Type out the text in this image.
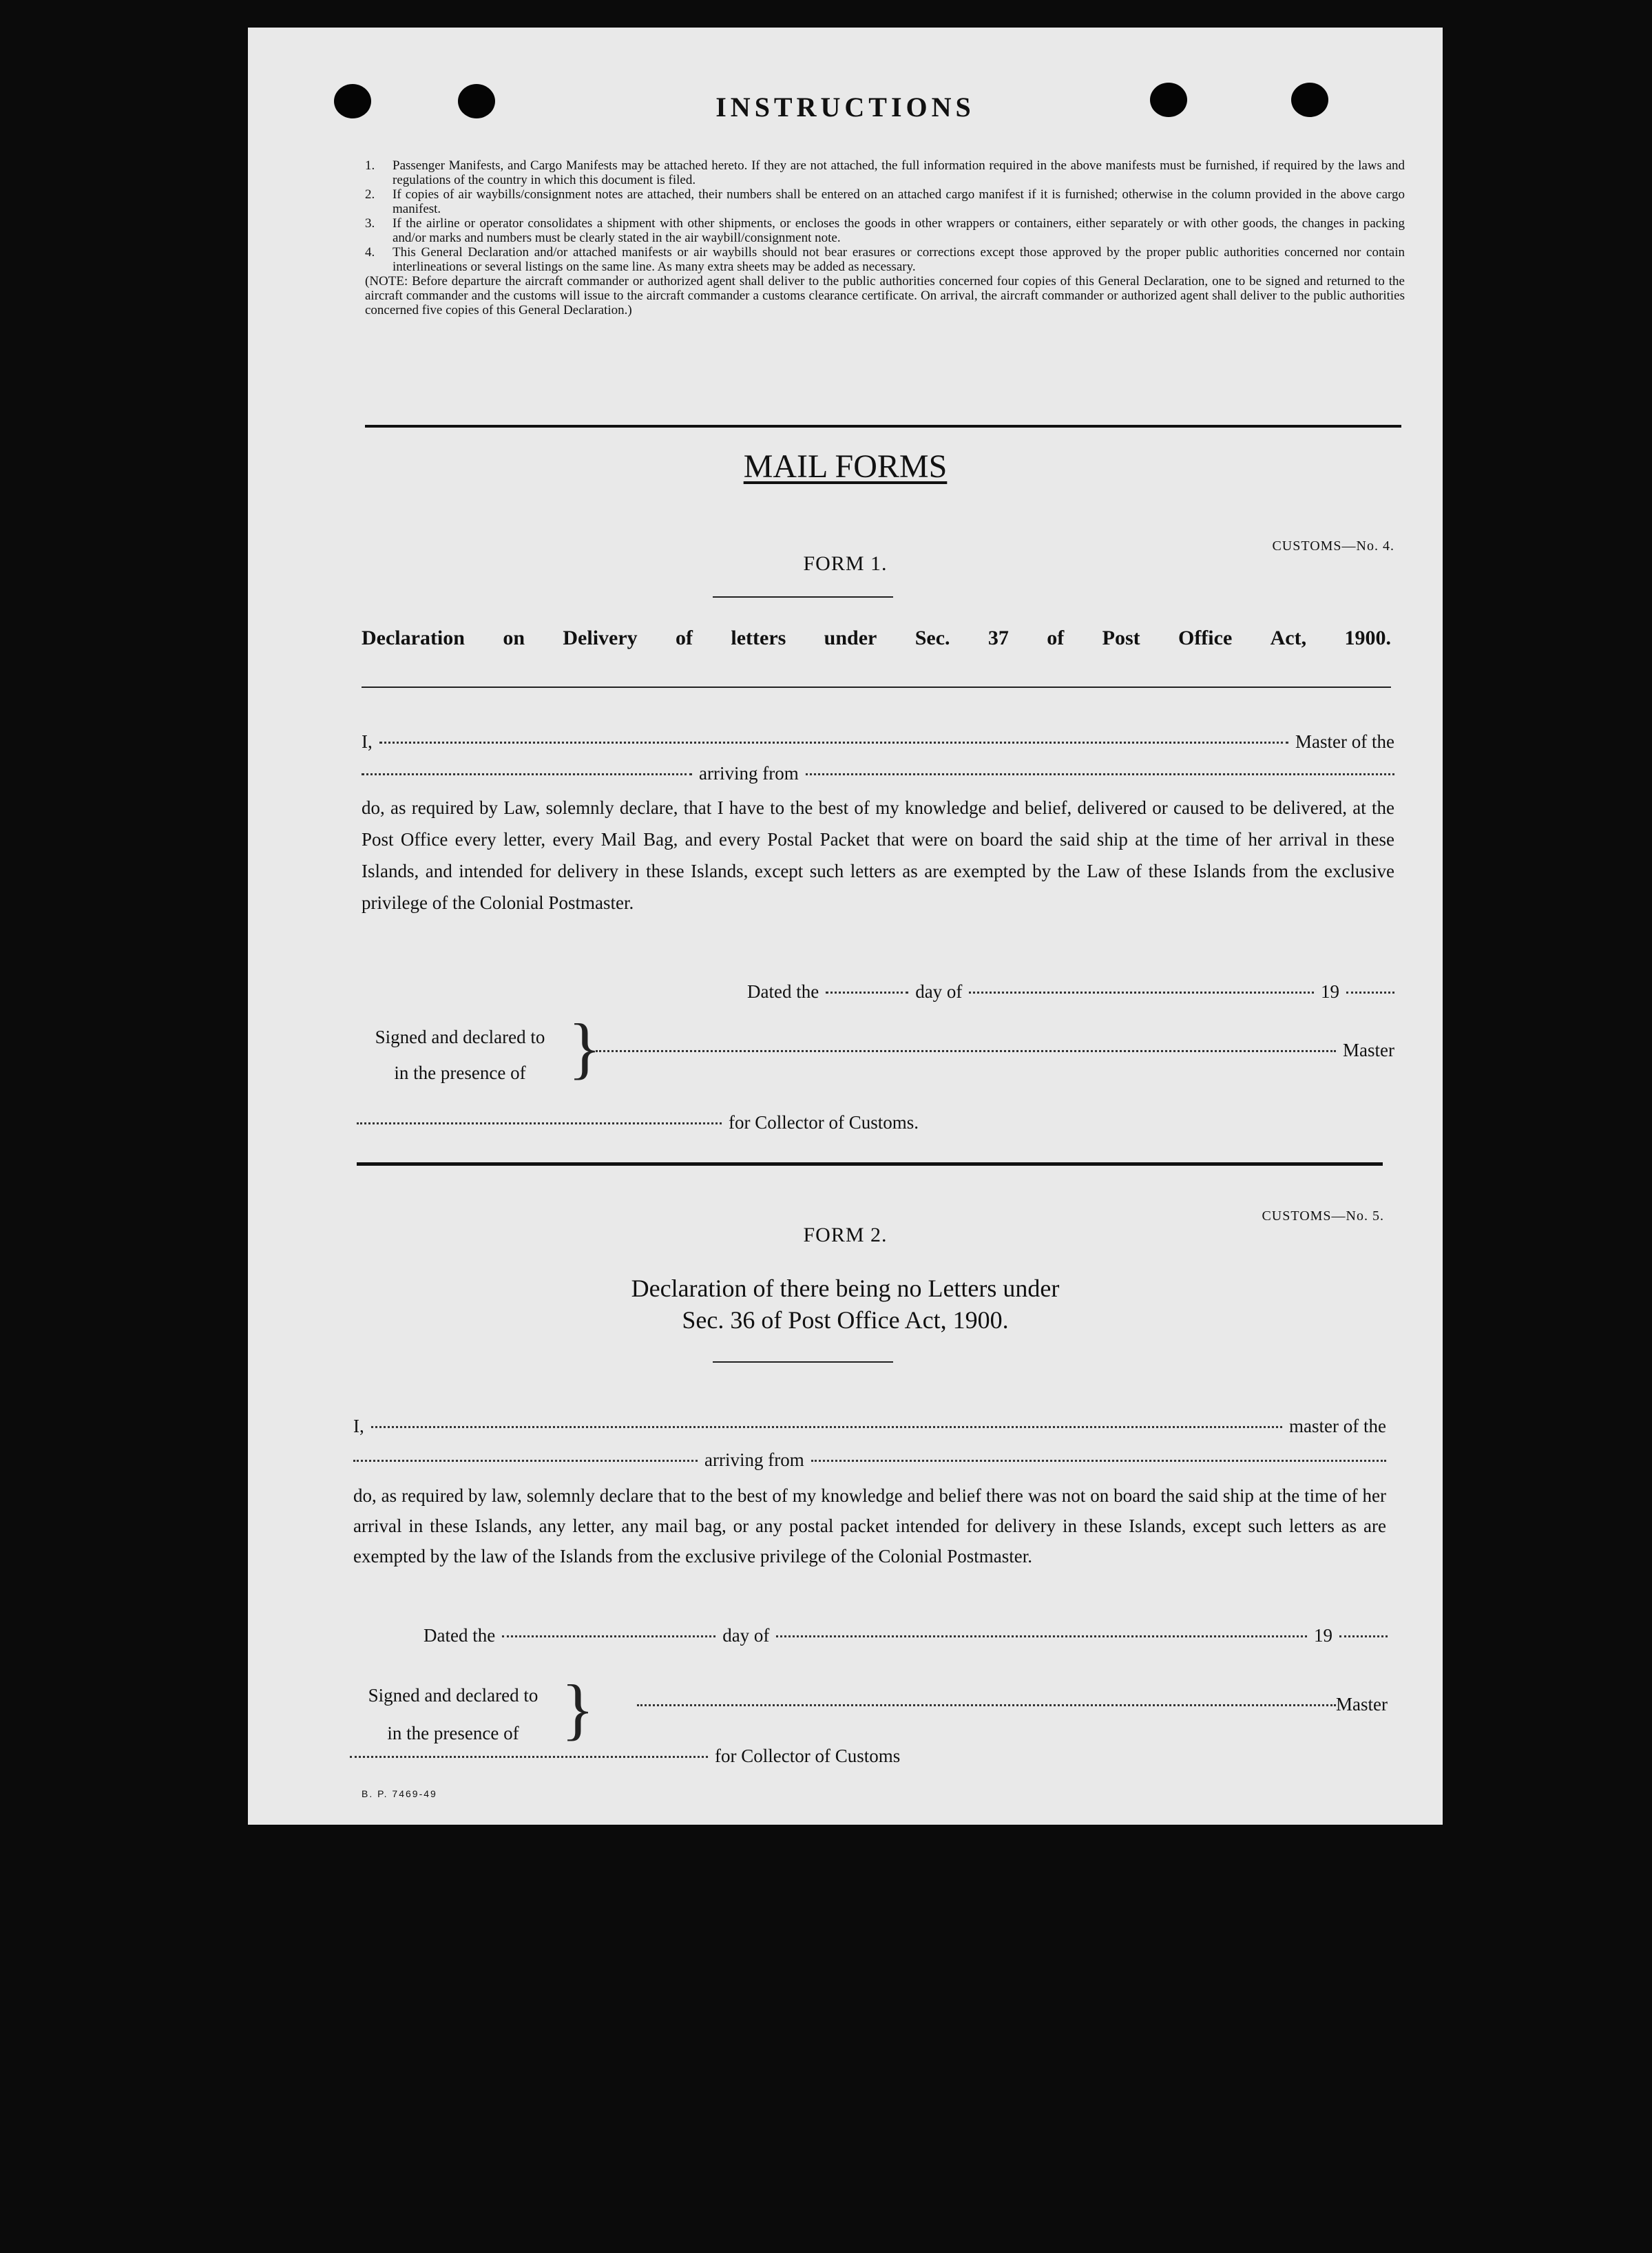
INSTRUCTIONS
1.	Passenger Manifests, and Cargo Manifests may be attached hereto. If they are not attached, the full information required in the above manifests must be furnished, if required by the laws and regulations of the country in which this document is filed.
2.	If copies of air waybills/consignment notes are attached, their numbers shall be entered on an attached cargo manifest if it is furnished; otherwise in the column provided in the above cargo manifest.
3.	If the airline or operator consolidates a shipment with other shipments, or encloses the goods in other wrappers or containers, either separately or with other goods, the changes in packing and/or marks and numbers must be clearly stated in the air waybill/consignment note.
4.	This General Declaration and/or attached manifests or air waybills should not bear erasures or corrections except those approved by the proper public authorities concerned nor contain interlineations or several listings on the same line. As many extra sheets may be added as necessary.
(NOTE: Before departure the aircraft commander or authorized agent shall deliver to the public authorities concerned four copies of this General Declaration, one to be signed and returned to the aircraft commander and the customs will issue to the aircraft commander a customs clearance certificate. On arrival, the aircraft commander or authorized agent shall deliver to the public authorities concerned five copies of this General Declaration.)
MAIL FORMS
CUSTOMS—No. 4.
FORM 1.
Declaration on Delivery of letters under Sec. 37 of Post Office Act, 1900.
I,	Master of the
arriving from
do, as required by Law, solemnly declare, that I have to the best of my knowledge and belief, delivered or caused to be delivered, at the Post Office every letter, every Mail Bag, and every Postal Packet that were on board the said ship at the time of her arrival in these Islands, and intended for delivery in these Islands, except such letters as are exempted by the Law of these Islands from the exclusive privilege of the Colonial Postmaster.
Dated the	day of	19
Signed and declared to
in the presence of }	Master
for Collector of Customs.
CUSTOMS—No. 5.
FORM 2.
Declaration of there being no Letters under
Sec. 36 of Post Office Act, 1900.
I,	master of the
arriving from
do, as required by law, solemnly declare that to the best of my knowledge and belief there was not on board the said ship at the time of her arrival in these Islands, any letter, any mail bag, or any postal packet intended for delivery in these Islands, except such letters as are exempted by the law of the Islands from the exclusive privilege of the Colonial Postmaster.
Dated the	day of	19
Signed and declared to
in the presence of }	Master
for Collector of Customs
B. P. 7469-49
